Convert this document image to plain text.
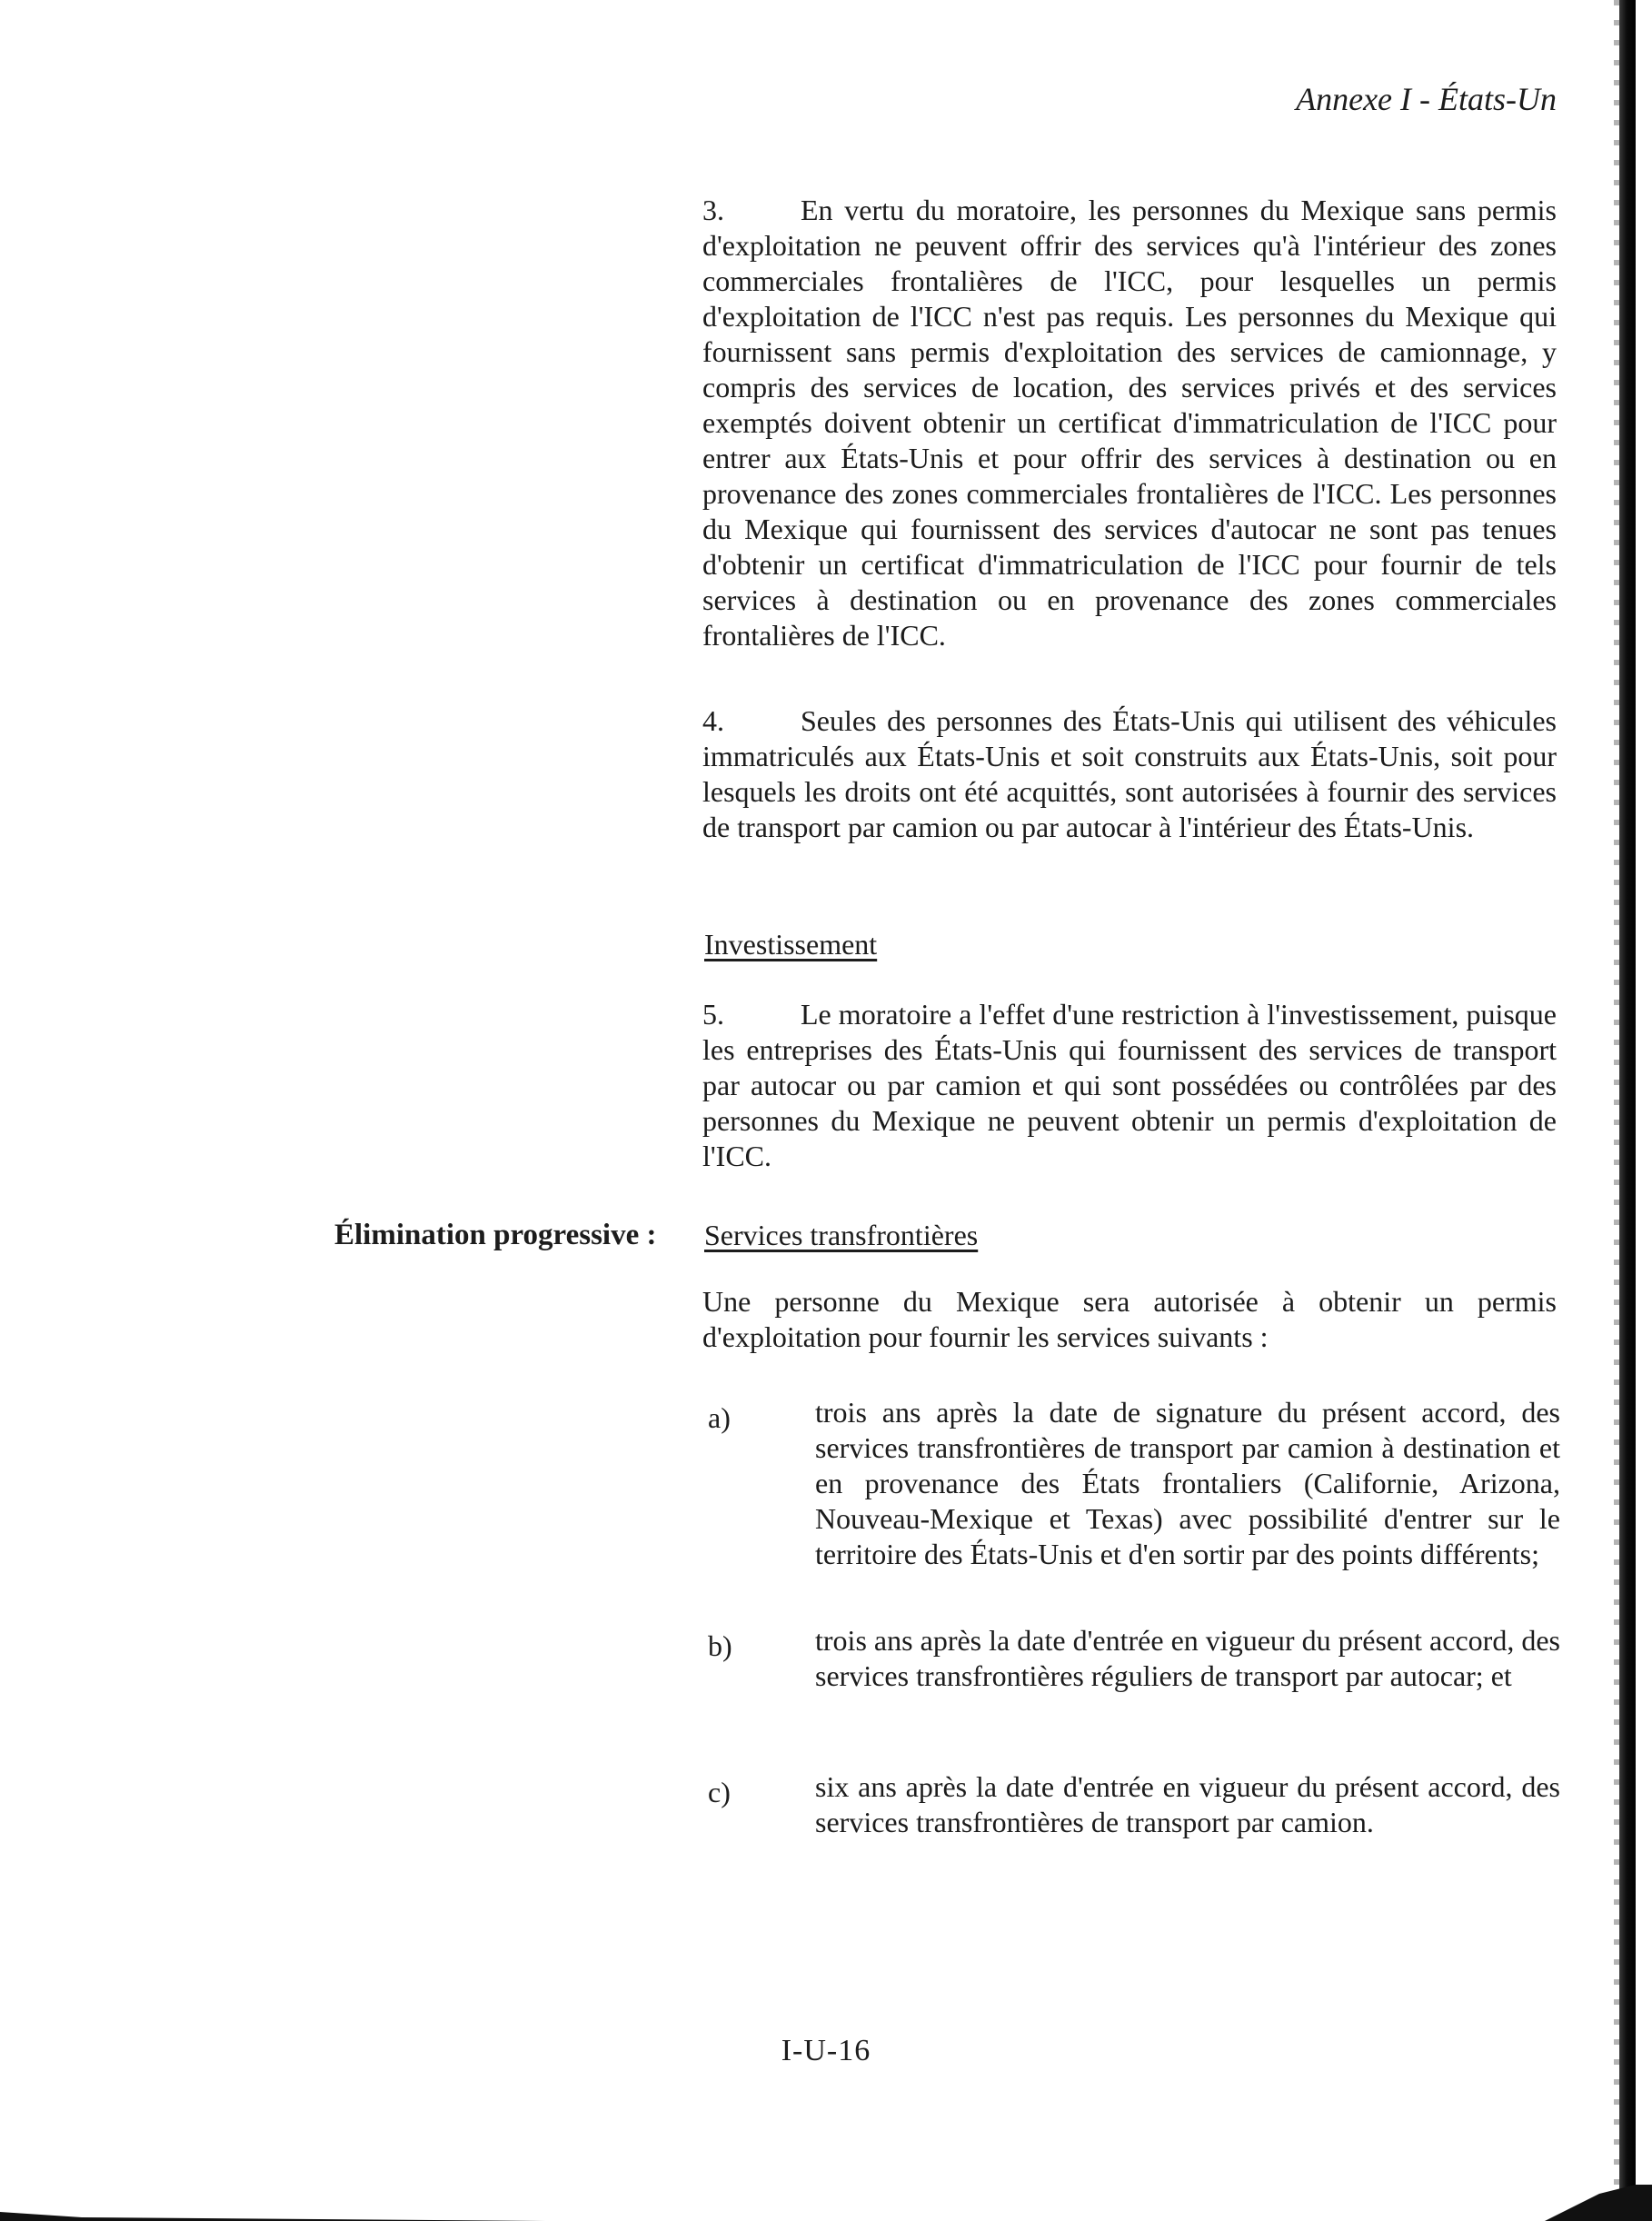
Annexe I - États-Un

3.	En vertu du moratoire, les personnes du Mexique sans permis d'exploitation ne peuvent offrir des services qu'à l'intérieur des zones commerciales frontalières de l'ICC, pour lesquelles un permis d'exploitation de l'ICC n'est pas requis. Les personnes du Mexique qui fournissent sans permis d'exploitation des services de camionnage, y compris des services de location, des services privés et des services exemptés doivent obtenir un certificat d'immatriculation de l'ICC pour entrer aux États-Unis et pour offrir des services à destination ou en provenance des zones commerciales frontalières de l'ICC. Les personnes du Mexique qui fournissent des services d'autocar ne sont pas tenues d'obtenir un certificat d'immatriculation de l'ICC pour fournir de tels services à destination ou en provenance des zones commerciales frontalières de l'ICC.

4.	Seules des personnes des États-Unis qui utilisent des véhicules immatriculés aux États-Unis et soit construits aux États-Unis, soit pour lesquels les droits ont été acquittés, sont autorisées à fournir des services de transport par camion ou par autocar à l'intérieur des États-Unis.

Investissement

5.	Le moratoire a l'effet d'une restriction à l'investissement, puisque les entreprises des États-Unis qui fournissent des services de transport par autocar ou par camion et qui sont possédées ou contrôlées par des personnes du Mexique ne peuvent obtenir un permis d'exploitation de l'ICC.

Élimination progressive : Services transfrontières

Une personne du Mexique sera autorisée à obtenir un permis d'exploitation pour fournir les services suivants :

a)	trois ans après la date de signature du présent accord, des services transfrontières de transport par camion à destination et en provenance des États frontaliers (Californie, Arizona, Nouveau-Mexique et Texas) avec possibilité d'entrer sur le territoire des États-Unis et d'en sortir par des points différents;

b)	trois ans après la date d'entrée en vigueur du présent accord, des services transfrontières réguliers de transport par autocar; et

c)	six ans après la date d'entrée en vigueur du présent accord, des services transfrontières de transport par camion.

I-U-16
